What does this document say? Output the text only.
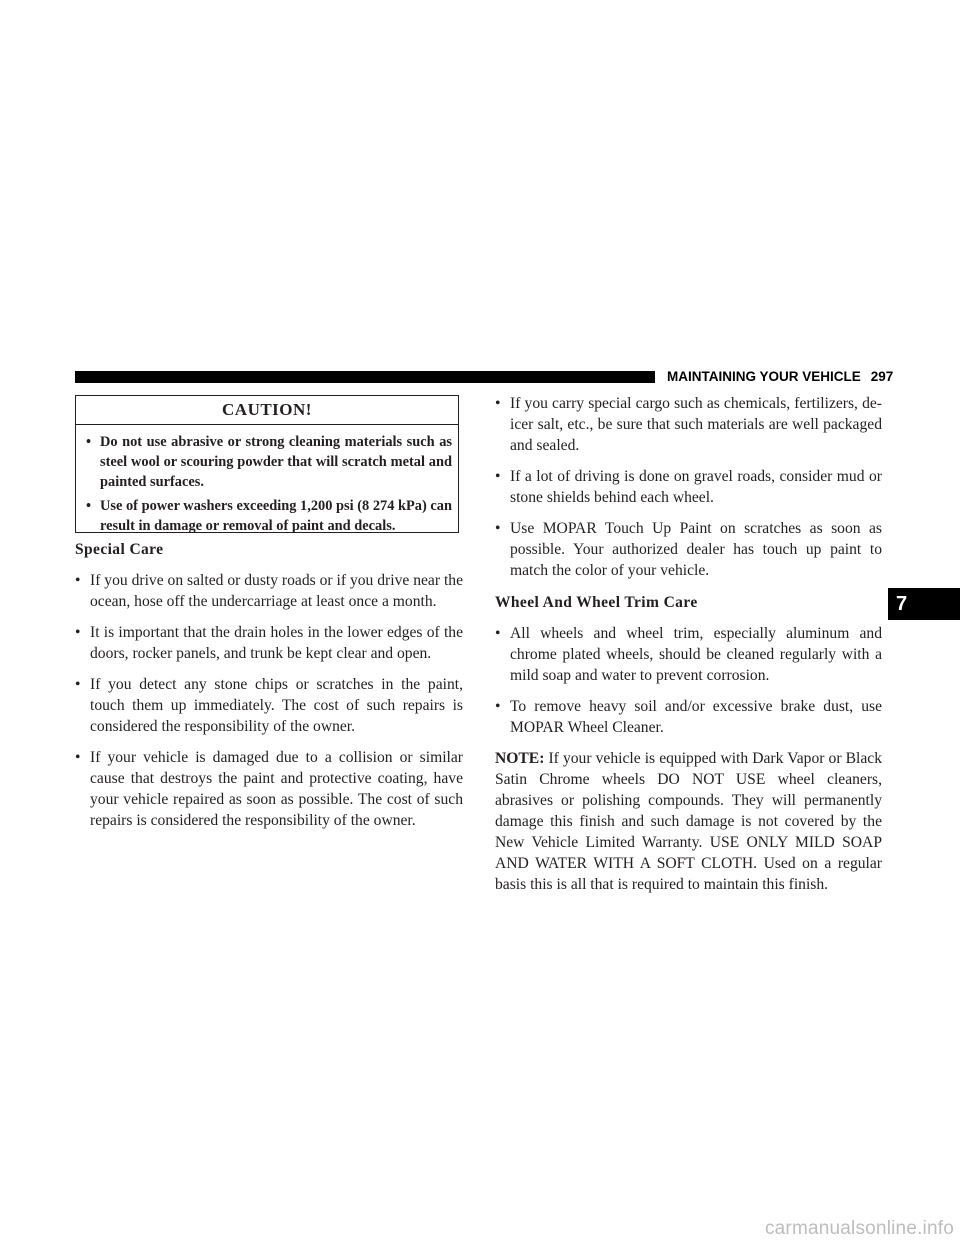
MAINTAINING YOUR VEHICLE 297
CAUTION!
• Do not use abrasive or strong cleaning materials such as steel wool or scouring powder that will scratch metal and painted surfaces.
• Use of power washers exceeding 1,200 psi (8 274 kPa) can result in damage or removal of paint and decals.
Special Care
• If you drive on salted or dusty roads or if you drive near the ocean, hose off the undercarriage at least once a month.
• It is important that the drain holes in the lower edges of the doors, rocker panels, and trunk be kept clear and open.
• If you detect any stone chips or scratches in the paint, touch them up immediately. The cost of such repairs is considered the responsibility of the owner.
• If your vehicle is damaged due to a collision or similar cause that destroys the paint and protective coating, have your vehicle repaired as soon as possible. The cost of such repairs is considered the responsibility of the owner.
• If you carry special cargo such as chemicals, fertilizers, de-icer salt, etc., be sure that such materials are well packaged and sealed.
• If a lot of driving is done on gravel roads, consider mud or stone shields behind each wheel.
• Use MOPAR Touch Up Paint on scratches as soon as possible. Your authorized dealer has touch up paint to match the color of your vehicle.
Wheel And Wheel Trim Care
• All wheels and wheel trim, especially aluminum and chrome plated wheels, should be cleaned regularly with a mild soap and water to prevent corrosion.
• To remove heavy soil and/or excessive brake dust, use MOPAR Wheel Cleaner.

NOTE: If your vehicle is equipped with Dark Vapor or Black Satin Chrome wheels DO NOT USE wheel cleaners, abrasives or polishing compounds. They will permanently damage this finish and such damage is not covered by the New Vehicle Limited Warranty. USE ONLY MILD SOAP AND WATER WITH A SOFT CLOTH. Used on a regular basis this is all that is required to maintain this finish.

7
carmanualsonline.info
